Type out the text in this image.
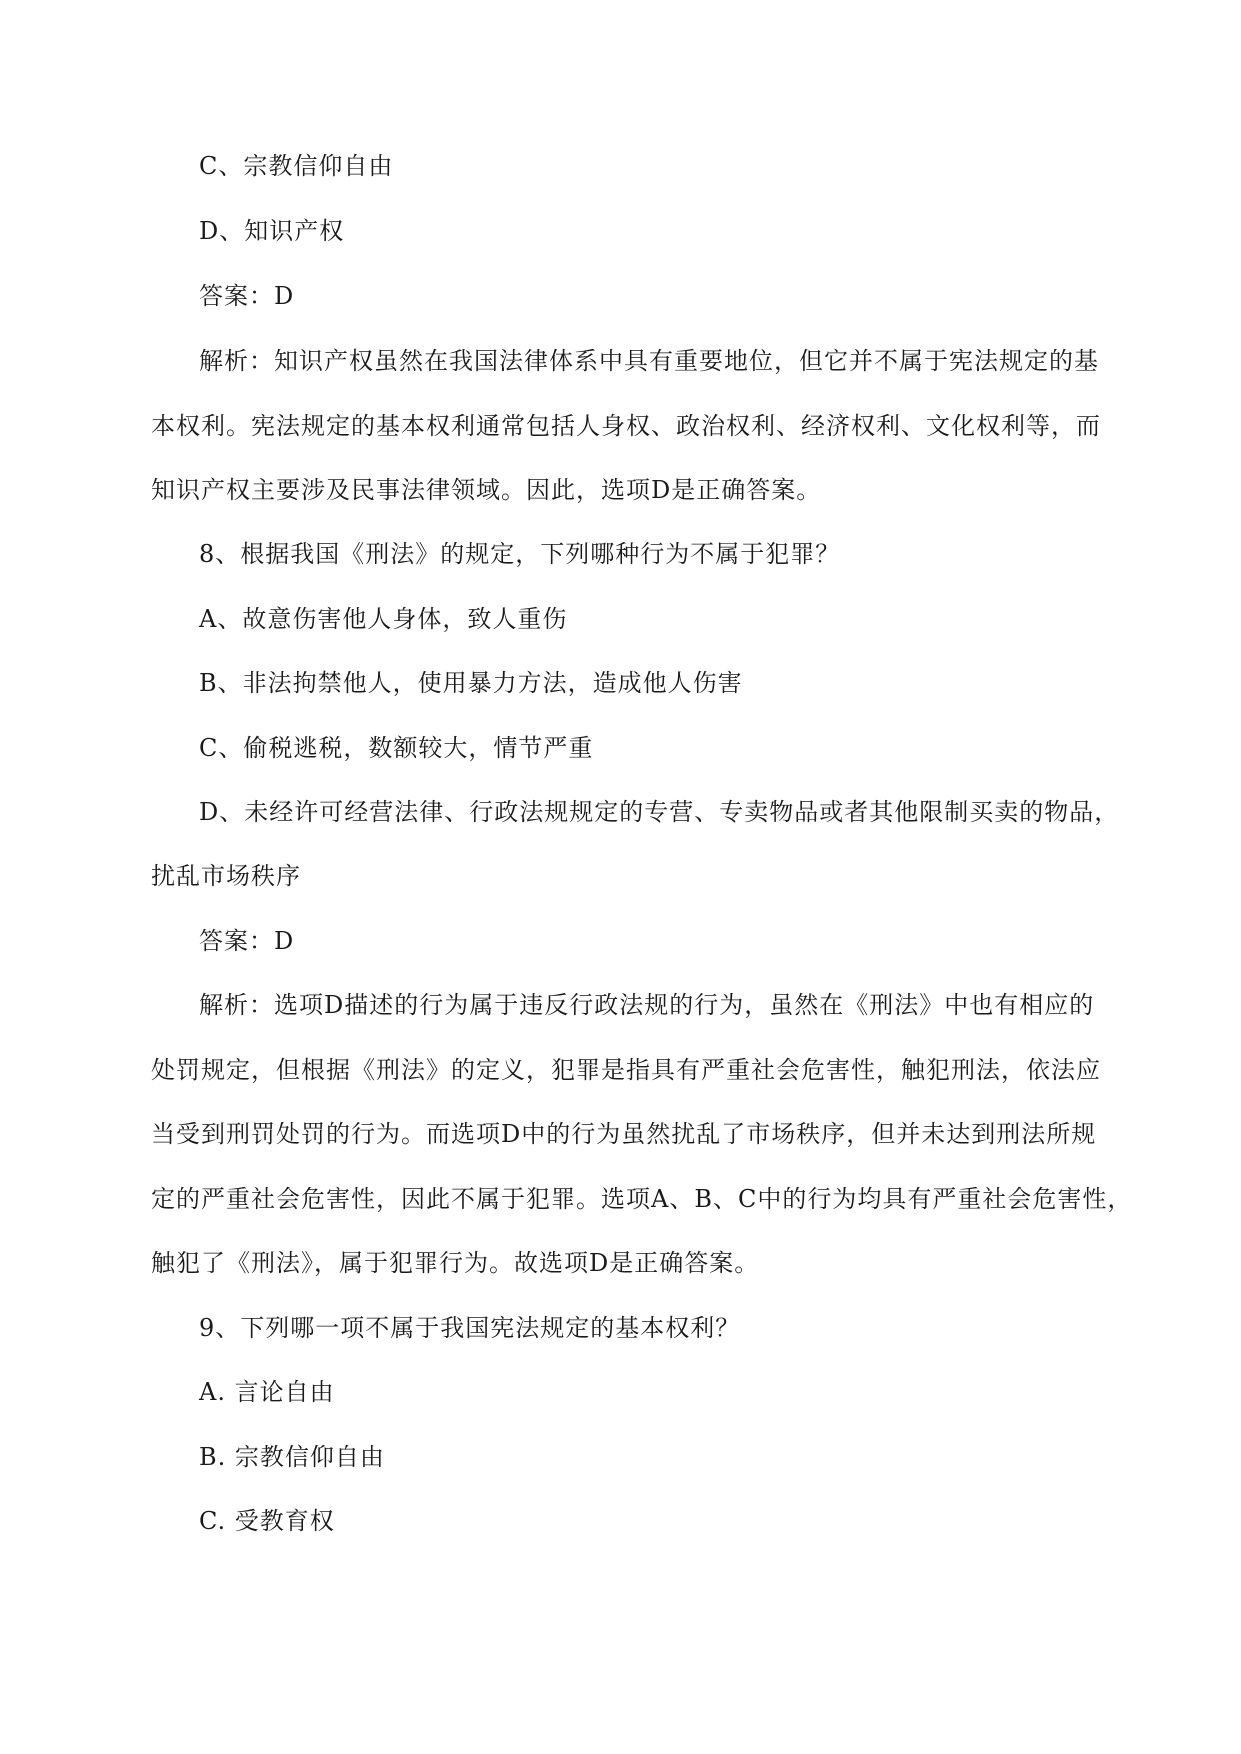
C、宗教信仰自由
D、知识产权
答案：D
解析：知识产权虽然在我国法律体系中具有重要地位，但它并不属于宪法规定的基
本权利。宪法规定的基本权利通常包括人身权、政治权利、经济权利、文化权利等，而
知识产权主要涉及民事法律领域。因此，选项D是正确答案。
8、根据我国《刑法》的规定，下列哪种行为不属于犯罪？
A、故意伤害他人身体，致人重伤
B、非法拘禁他人，使用暴力方法，造成他人伤害
C、偷税逃税，数额较大，情节严重
D、未经许可经营法律、行政法规规定的专营、专卖物品或者其他限制买卖的物品，
扰乱市场秩序
答案：D
解析：选项D描述的行为属于违反行政法规的行为，虽然在《刑法》中也有相应的
处罚规定，但根据《刑法》的定义，犯罪是指具有严重社会危害性，触犯刑法，依法应
当受到刑罚处罚的行为。而选项D中的行为虽然扰乱了市场秩序，但并未达到刑法所规
定的严重社会危害性，因此不属于犯罪。选项A、B、C中的行为均具有严重社会危害性，
触犯了《刑法》，属于犯罪行为。故选项D是正确答案。
9、下列哪一项不属于我国宪法规定的基本权利？
A. 言论自由
B. 宗教信仰自由
C. 受教育权
